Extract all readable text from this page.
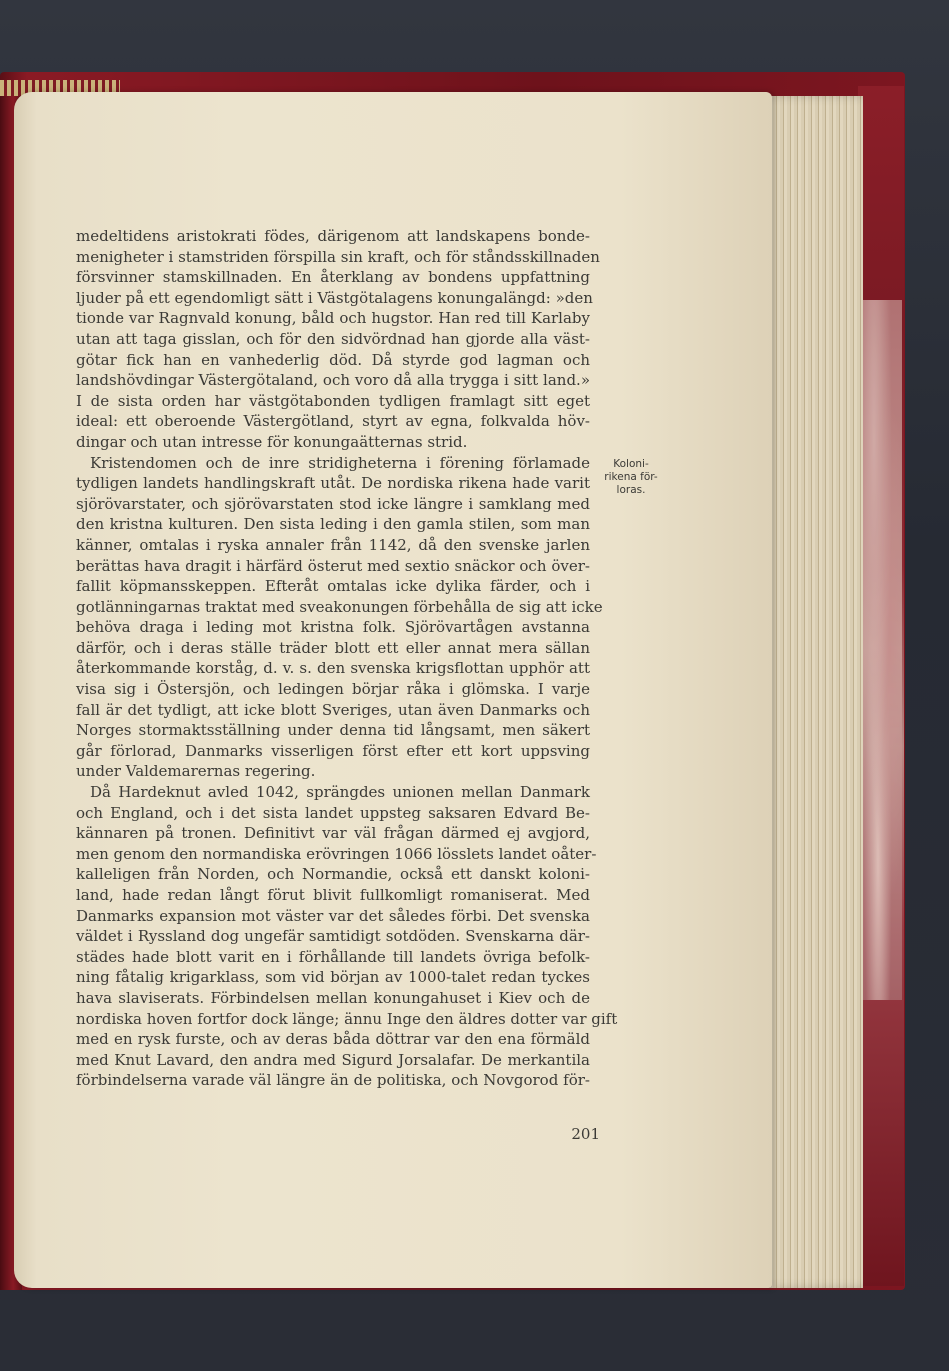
medeltidens aristokrati födes, därigenom att landskapens bonde-
menigheter i stamstriden förspilla sin kraft, och för ståndsskillnaden
försvinner stamskillnaden. En återklang av bondens uppfattning
ljuder på ett egendomligt sätt i Västgötalagens konungalängd: »den
tionde var Ragnvald konung, båld och hugstor. Han red till Karlaby
utan att taga gisslan, och för den sidvördnad han gjorde alla väst-
götar fick han en vanhederlig död. Då styrde god lagman och
landshövdingar Västergötaland, och voro då alla trygga i sitt land.»
I de sista orden har västgötabonden tydligen framlagt sitt eget
ideal: ett oberoende Västergötland, styrt av egna, folkvalda höv-
dingar och utan intresse för konungaätternas strid.
Kristendomen och de inre stridigheterna i förening förlamade
tydligen landets handlingskraft utåt. De nordiska rikena hade varit
sjörövarstater, och sjörövarstaten stod icke längre i samklang med
den kristna kulturen. Den sista leding i den gamla stilen, som man
känner, omtalas i ryska annaler från 1142, då den svenske jarlen
berättas hava dragit i härfärd österut med sextio snäckor och över-
fallit köpmansskeppen. Efteråt omtalas icke dylika färder, och i
gotlänningarnas traktat med sveakonungen förbehålla de sig att icke
behöva draga i leding mot kristna folk. Sjörövartågen avstanna
därför, och i deras ställe träder blott ett eller annat mera sällan
återkommande korståg, d. v. s. den svenska krigsflottan upphör att
visa sig i Östersjön, och ledingen börjar råka i glömska. I varje
fall är det tydligt, att icke blott Sveriges, utan även Danmarks och
Norges stormaktsställning under denna tid långsamt, men säkert
går förlorad, Danmarks visserligen först efter ett kort uppsving
under Valdemarernas regering.
Då Hardeknut avled 1042, sprängdes unionen mellan Danmark
och England, och i det sista landet uppsteg saksaren Edvard Be-
kännaren på tronen. Definitivt var väl frågan därmed ej avgjord,
men genom den normandiska erövringen 1066 lösslets landet oåter-
kalleligen från Norden, och Normandie, också ett danskt koloni-
land, hade redan långt förut blivit fullkomligt romaniserat. Med
Danmarks expansion mot väster var det således förbi. Det svenska
väldet i Ryssland dog ungefär samtidigt sotdöden. Svenskarna där-
städes hade blott varit en i förhållande till landets övriga befolk-
ning fåtalig krigarklass, som vid början av 1000-talet redan tyckes
hava slaviserats. Förbindelsen mellan konungahuset i Kiev och de
nordiska hoven fortfor dock länge; ännu Inge den äldres dotter var gift
med en rysk furste, och av deras båda döttrar var den ena förmäld
med Knut Lavard, den andra med Sigurd Jorsalafar. De merkantila
förbindelserna varade väl längre än de politiska, och Novgorod för-
Koloni-
rikena för-
loras.
201
